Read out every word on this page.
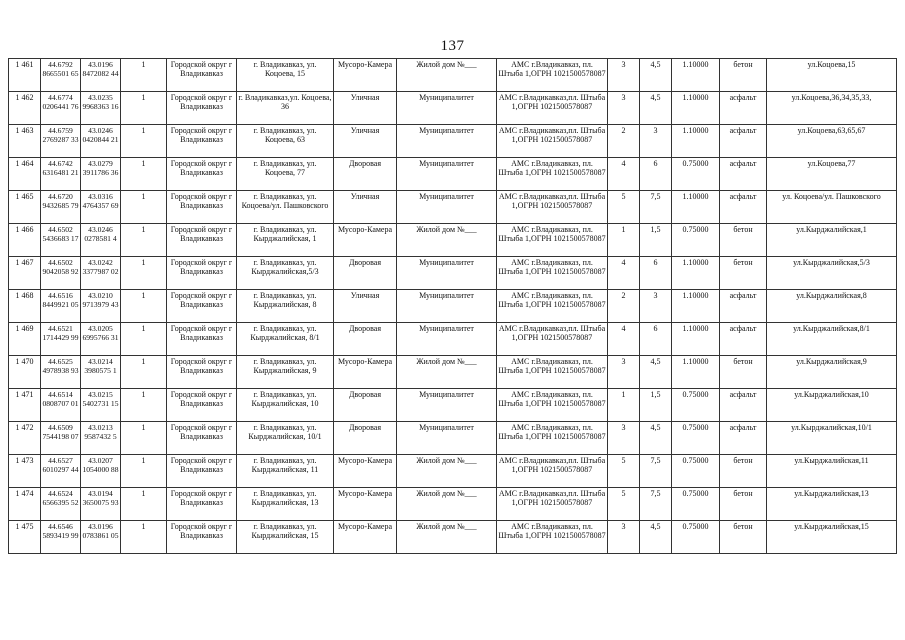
137
1 461	44.6792 8665501 65	43.0196 8472082 44	1	Городской округ г Владикавказ	г. Владикавказ, ул. Коцоева, 15	Мусоро-Камера	Жилой дом №___	АМС г.Владикавказ, пл. Штыба 1,ОГРН 1021500578087	3	4,5	1.10000	бетон	ул.Коцоева,15
1 462	44.6774 0206441 76	43.0235 9968363 16	1	Городской округ г Владикавказ	г. Владикавказ,ул. Коцоева, 36	Уличная	Муниципалитет	АМС г.Владикавказ,пл. Штыба 1,ОГРН 1021500578087	3	4,5	1.10000	асфальт	ул.Коцоева,36,34,35,33,
1 463	44.6759 2769287 33	43.0246 0420844 21	1	Городской округ г Владикавказ	г. Владикавказ, ул. Коцоева, 63	Уличная	Муниципалитет	АМС г.Владикавказ,пл. Штыба 1,ОГРН 1021500578087	2	3	1.10000	асфальт	ул.Коцоева,63,65,67
1 464	44.6742 6316481 21	43.0279 3911786 36	1	Городской округ г Владикавказ	г. Владикавказ, ул. Коцоева, 77	Дворовая	Муниципалитет	АМС г.Владикавказ, пл. Штыба 1,ОГРН 1021500578087	4	6	0.75000	асфальт	ул.Коцоева,77
1 465	44.6720 9432685 79	43.0316 4764357 69	1	Городской округ г Владикавказ	г. Владикавказ, ул. Коцоева/ул. Пашковского	Уличная	Муниципалитет	АМС г.Владикавказ,пл. Штыба 1,ОГРН 1021500578087	5	7,5	1.10000	асфальт	ул. Коцоева/ул. Пашковского
1 466	44.6502 5436683 17	43.0246 0278581 4	1	Городской округ г Владикавказ	г. Владикавказ, ул. Кырджалийская, 1	Мусоро-Камера	Жилой дом №___	АМС г.Владикавказ, пл. Штыба 1,ОГРН 1021500578087	1	1,5	0.75000	бетон	ул.Кырджалийская,1
1 467	44.6502 9042058 92	43.0242 3377987 02	1	Городской округ г Владикавказ	г. Владикавказ, ул. Кырджалийская,5/3	Дворовая	Муниципалитет	АМС г.Владикавказ, пл. Штыба 1,ОГРН 1021500578087	4	6	1.10000	бетон	ул.Кырджалийская,5/3
1 468	44.6516 8449921 05	43.0210 9713979 43	1	Городской округ г Владикавказ	г. Владикавказ, ул. Кырджалийская, 8	Уличная	Муниципалитет	АМС г.Владикавказ, пл. Штыба 1,ОГРН 1021500578087	2	3	1.10000	асфальт	ул.Кырджалийская,8
1 469	44.6521 1714429 99	43.0205 6995766 31	1	Городской округ г Владикавказ	г. Владикавказ, ул. Кырджалийская, 8/1	Дворовая	Муниципалитет	АМС г.Владикавказ,пл. Штыба 1,ОГРН 1021500578087	4	6	1.10000	асфальт	ул.Кырджалийская,8/1
1 470	44.6525 4978938 93	43.0214 3980575 1	1	Городской округ г Владикавказ	г. Владикавказ, ул. Кырджалийская, 9	Мусоро-Камера	Жилой дом №___	АМС г.Владикавказ, пл. Штыба 1,ОГРН 1021500578087	3	4,5	1.10000	бетон	ул.Кырджалийская,9
1 471	44.6514 0808707 01	43.0215 5402731 15	1	Городской округ г Владикавказ	г. Владикавказ, ул. Кырджалийская, 10	Дворовая	Муниципалитет	АМС г.Владикавказ, пл. Штыба 1,ОГРН 1021500578087	1	1,5	0.75000	асфальт	ул.Кырджалийская,10
1 472	44.6509 7544198 07	43.0213 9587432 5	1	Городской округ г Владикавказ	г. Владикавказ, ул. Кырджалийская, 10/1	Дворовая	Муниципалитет	АМС г.Владикавказ, пл. Штыба 1,ОГРН 1021500578087	3	4,5	0.75000	асфальт	ул.Кырджалийская,10/1
1 473	44.6527 6010297 44	43.0207 1054000 88	1	Городской округ г Владикавказ	г. Владикавказ, ул. Кырджалийская, 11	Мусоро-Камера	Жилой дом №___	АМС г.Владикавказ,пл. Штыба 1,ОГРН 1021500578087	5	7,5	0.75000	бетон	ул.Кырджалийская,11
1 474	44.6524 6566395 52	43.0194 3650075 93	1	Городской округ г Владикавказ	г. Владикавказ, ул. Кырджалийская, 13	Мусоро-Камера	Жилой дом №___	АМС г.Владикавказ,пл. Штыба 1,ОГРН 1021500578087	5	7,5	0.75000	бетон	ул.Кырджалийская,13
1 475	44.6546 5893419 99	43.0196 0783861 05	1	Городской округ г Владикавказ	г. Владикавказ, ул. Кырджалийская, 15	Мусоро-Камера	Жилой дом №___	АМС г.Владикавказ, пл. Штыба 1,ОГРН 1021500578087	3	4,5	0.75000	бетон	ул.Кырджалийская,15
